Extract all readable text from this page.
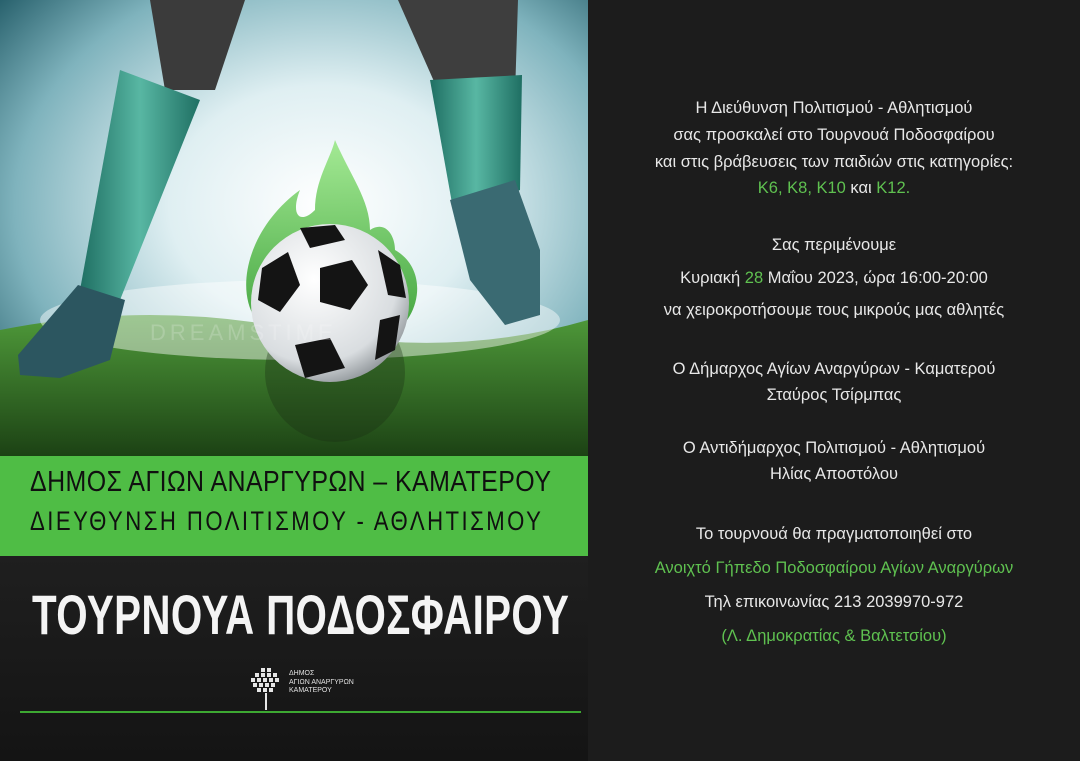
DREAMSTIME
ΔΗΜΟΣ ΑΓΙΩΝ ΑΝΑΡΓΥΡΩΝ – ΚΑΜΑΤΕΡΟΥ
ΔΙΕΥΘΥΝΣΗ ΠΟΛΙΤΙΣΜΟΥ - ΑΘΛΗΤΙΣΜΟΥ
ΤΟΥΡΝΟΥΑ ΠΟΔΟΣΦΑΙΡΟΥ
ΔΗΜΟΣ
ΑΓΙΩΝ ΑΝΑΡΓΥΡΩΝ
ΚΑΜΑΤΕΡΟΥ
Η Διεύθυνση Πολιτισμού - Αθλητισμού
σας προσκαλεί στο Τουρνουά Ποδοσφαίρου
και στις βράβευσεις των παιδιών στις κατηγορίες:
Κ6, Κ8, Κ10 και Κ12.
Σας περιμένουμε
Κυριακή 28 Μαΐου 2023, ώρα 16:00-20:00
να χειροκροτήσουμε τους μικρούς μας αθλητές
Ο Δήμαρχος Αγίων Αναργύρων - Καματερού
Σταύρος Τσίρμπας
Ο Αντιδήμαρχος Πολιτισμού - Αθλητισμού
Ηλίας Αποστόλου
Το τουρνουά θα πραγματοποιηθεί στο
Ανοιχτό Γήπεδο Ποδοσφαίρου Αγίων Αναργύρων
Τηλ επικοινωνίας 213 2039970-972
(Λ. Δημοκρατίας & Βαλτετσίου)
